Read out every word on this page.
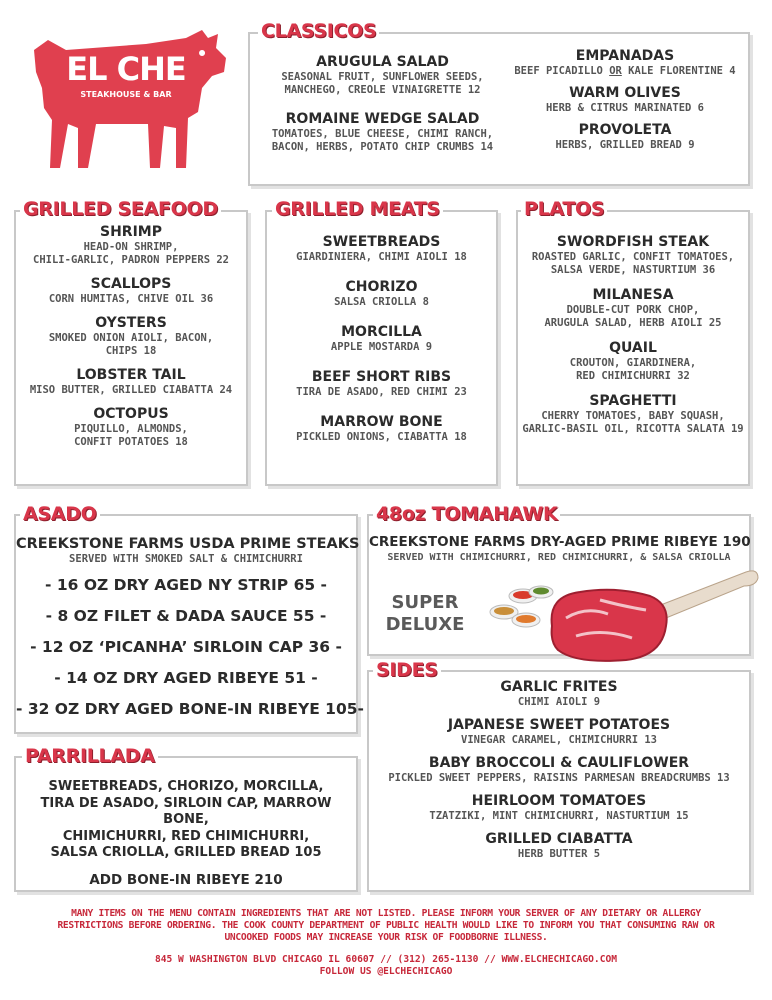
EL CHE
STEAKHOUSE & BAR
CLASSICOS
ARUGULA SALAD
SEASONAL FRUIT, SUNFLOWER SEEDS,
MANCHEGO, CREOLE VINAIGRETTE 12
ROMAINE WEDGE SALAD
TOMATOES, BLUE CHEESE, CHIMI RANCH,
BACON, HERBS, POTATO CHIP CRUMBS 14
EMPANADAS
BEEF PICADILLO OR KALE FLORENTINE 4
WARM OLIVES
HERB & CITRUS MARINATED 6
PROVOLETA
HERBS, GRILLED BREAD 9
GRILLED SEAFOOD
SHRIMP
HEAD-ON SHRIMP,
CHILI-GARLIC, PADRON PEPPERS 22
SCALLOPS
CORN HUMITAS, CHIVE OIL 36
OYSTERS
SMOKED ONION AIOLI, BACON,
CHIPS 18
LOBSTER TAIL
MISO BUTTER, GRILLED CIABATTA 24
OCTOPUS
PIQUILLO, ALMONDS,
CONFIT POTATOES 18
GRILLED MEATS
SWEETBREADS
GIARDINIERA, CHIMI AIOLI 18
CHORIZO
SALSA CRIOLLA 8
MORCILLA
APPLE MOSTARDA 9
BEEF SHORT RIBS
TIRA DE ASADO, RED CHIMI 23
MARROW BONE
PICKLED ONIONS, CIABATTA 18
PLATOS
SWORDFISH STEAK
ROASTED GARLIC, CONFIT TOMATOES,
SALSA VERDE, NASTURTIUM 36
MILANESA
DOUBLE-CUT PORK CHOP,
ARUGULA SALAD, HERB AIOLI 25
QUAIL
CROUTON, GIARDINERA,
RED CHIMICHURRI 32
SPAGHETTI
CHERRY TOMATOES, BABY SQUASH,
GARLIC-BASIL OIL, RICOTTA SALATA 19
ASADO
CREEKSTONE FARMS USDA PRIME STEAKS
SERVED WITH SMOKED SALT & CHIMICHURRI
- 16 OZ DRY AGED NY STRIP 65 -
- 8 OZ FILET & DADA SAUCE 55 -
- 12 OZ ‘PICANHA’ SIRLOIN CAP 36 -
- 14 OZ DRY AGED RIBEYE 51 -
- 32 OZ DRY AGED BONE-IN RIBEYE 105-
48oz TOMAHAWK
CREEKSTONE FARMS DRY-AGED PRIME RIBEYE 190
SERVED WITH CHIMICHURRI, RED CHIMICHURRI, & SALSA CRIOLLA
SUPER
DELUXE
SIDES
GARLIC FRITES
CHIMI AIOLI 9
JAPANESE SWEET POTATOES
VINEGAR CARAMEL, CHIMICHURRI 13
BABY BROCCOLI & CAULIFLOWER
PICKLED SWEET PEPPERS, RAISINS PARMESAN BREADCRUMBS 13
HEIRLOOM TOMATOES
TZATZIKI, MINT CHIMICHURRI, NASTURTIUM 15
GRILLED CIABATTA
HERB BUTTER 5
PARRILLADA
SWEETBREADS, CHORIZO, MORCILLA,
TIRA DE ASADO, SIRLOIN CAP, MARROW BONE,
CHIMICHURRI, RED CHIMICHURRI,
SALSA CRIOLLA, GRILLED BREAD 105
ADD BONE-IN RIBEYE 210
MANY ITEMS ON THE MENU CONTAIN INGREDIENTS THAT ARE NOT LISTED. PLEASE INFORM YOUR SERVER OF ANY DIETARY OR ALLERGY
RESTRICTIONS BEFORE ORDERING. THE COOK COUNTY DEPARTMENT OF PUBLIC HEALTH WOULD LIKE TO INFORM YOU THAT CONSUMING RAW OR
UNCOOKED FOODS MAY INCREASE YOUR RISK OF FOODBORNE ILLNESS.
845 W WASHINGTON BLVD CHICAGO IL 60607 // (312) 265-1130 // WWW.ELCHECHICAGO.COM
FOLLOW US @ELCHECHICAGO
